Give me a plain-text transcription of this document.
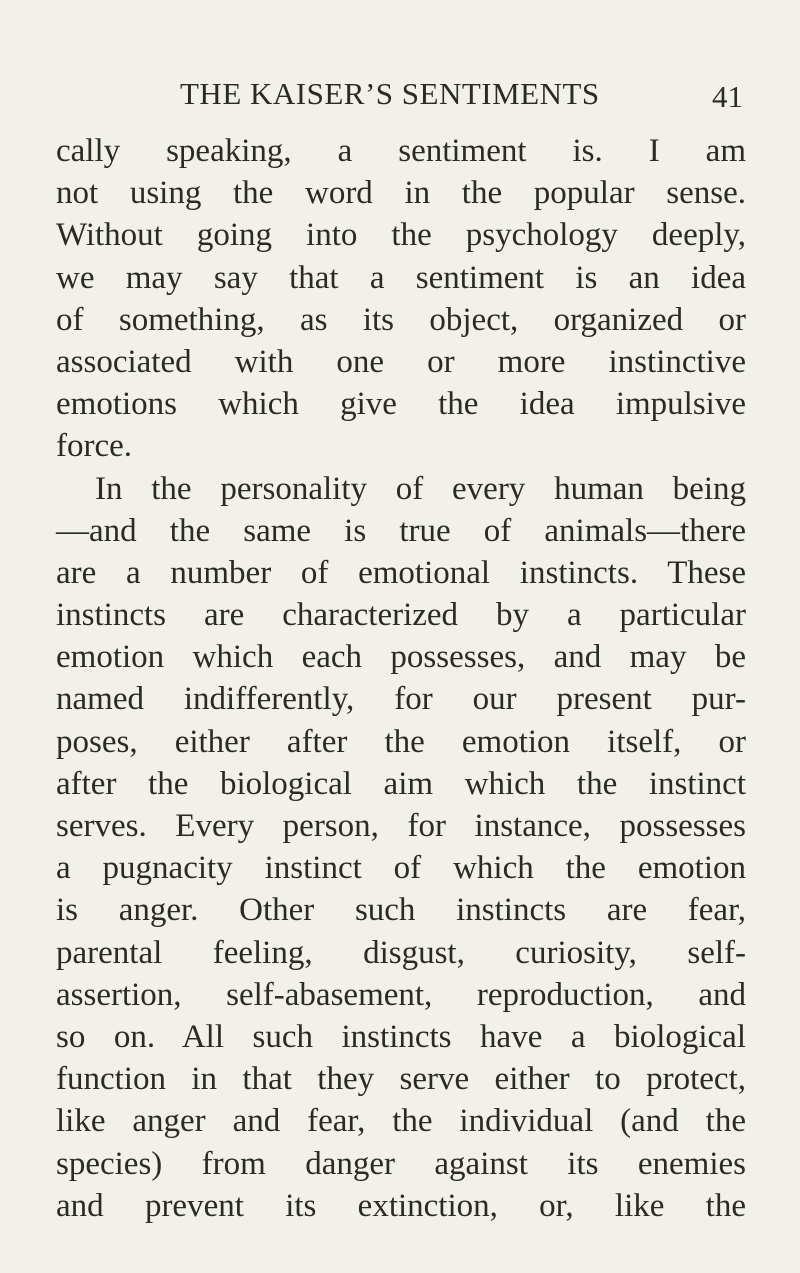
THE KAISER’S SENTIMENTS	41
cally speaking, a sentiment is. I am
not using the word in the popular sense.
Without going into the psychology deeply,
we may say that a sentiment is an idea
of something, as its object, organized or
associated with one or more instinctive
emotions which give the idea impulsive
force.
In the personality of every human being
—and the same is true of animals—there
are a number of emotional instincts. These
instincts are characterized by a particular
emotion which each possesses, and may be
named indifferently, for our present pur-
poses, either after the emotion itself, or
after the biological aim which the instinct
serves. Every person, for instance, possesses
a pugnacity instinct of which the emotion
is anger. Other such instincts are fear,
parental feeling, disgust, curiosity, self-
assertion, self-abasement, reproduction, and
so on. All such instincts have a biological
function in that they serve either to protect,
like anger and fear, the individual (and the
species) from danger against its enemies
and prevent its extinction, or, like the
